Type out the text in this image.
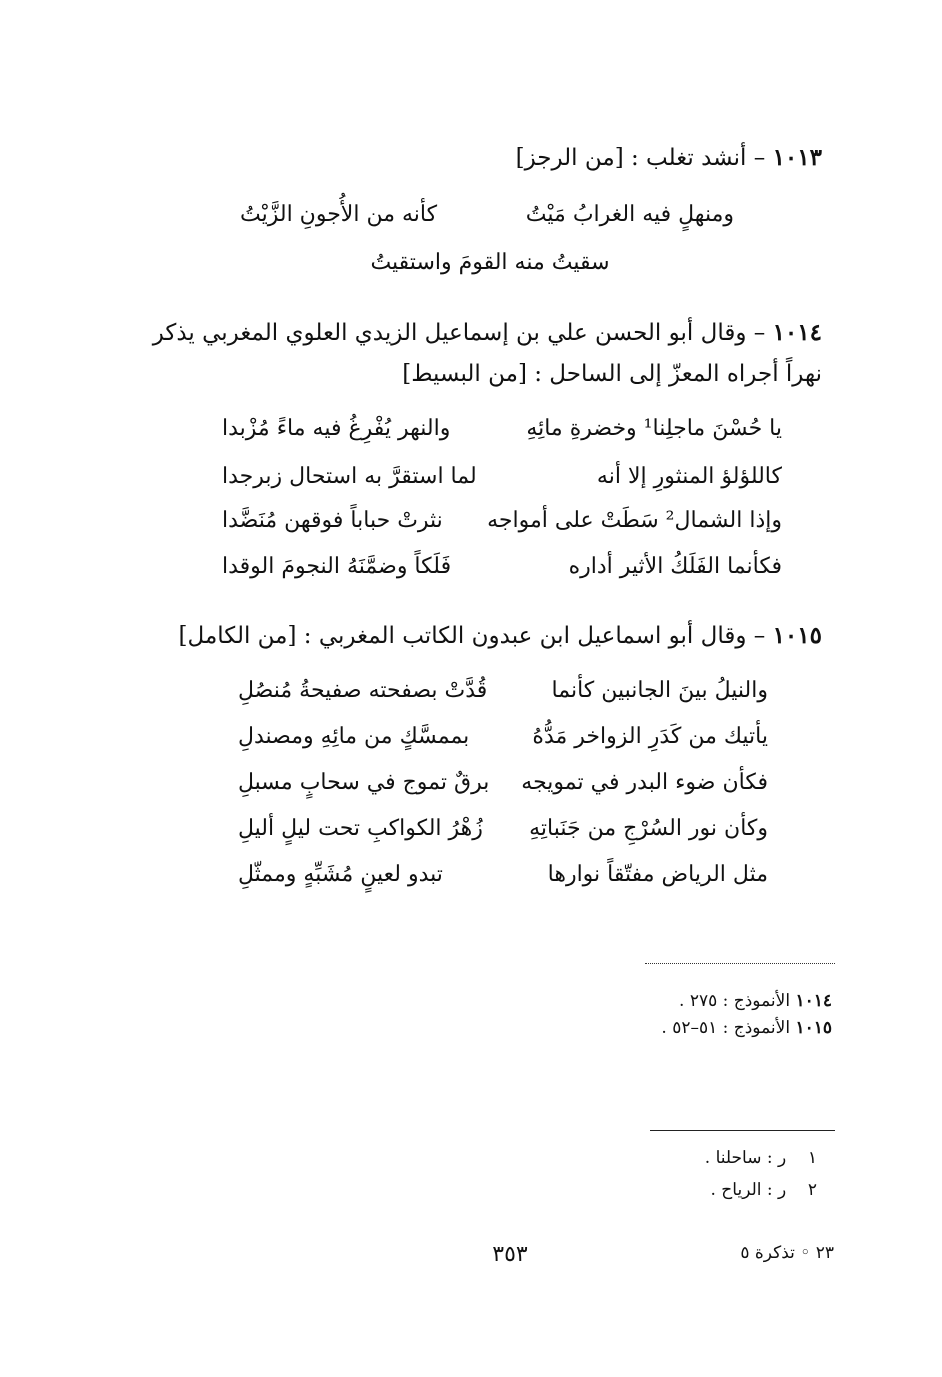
١٠١٣ – أنشد تغلب : [من الرجز]
ومنهلٍ فيه الغرابُ مَيْتُ
كأنه من الأُجونِ الزَّيْتُ
سقيتُ منه القومَ واستقيتُ
١٠١٤ – وقال أبو الحسن علي بن إسماعيل الزيدي العلوي المغربي يذكر
نهراً أجراه المعزّ إلى الساحل : [من البسيط]
يا حُسْنَ ماجلِنا¹ وخضرةِ مائِهِ
والنهر يُفْرِغُ فيه ماءً مُزْبدا
كاللؤلؤ المنثورِ إلا أنه
لما استقرَّ به استحال زبرجدا
وإذا الشمال² سَطَتْ على أمواجه
نثرتْ حباباً فوقهن مُنَضَّدا
فكأنما الفَلَكُ الأثير أداره
فَلَكاً وضمَّنَهُ النجومَ الوقدا
١٠١٥ – وقال أبو اسماعيل ابن عبدون الكاتب المغربي : [من الكامل]
والنيلُ بينَ الجانبين كأنما
قُدَّتْ بصفحته صفيحةُ مُنصُلِ
يأتيك من كَدَرِ الزواخر مَدُّهُ
بممسَّكٍ من مائِهِ ومصندلِ
فكأن ضوء البدر في تمويجه
برقٌ تموج في سحابٍ مسبلِ
وكأن نور السُرْجِ من جَنَباتِهِ
زُهْرُ الكواكبِ تحت ليلٍ أليلِ
مثل الرياض مفتّقاً نوارها
تبدو لعينٍ مُشَبِّهٍ وممثّلِ
١٠١٤ الأنموذج : ٢٧٥ .
١٠١٥ الأنموذج : ٥١–٥٢ .
١    ر : ساحلنا .
٢    ر : الرياح .
٣٥٣	٢٣ ◦ تذكرة ٥
